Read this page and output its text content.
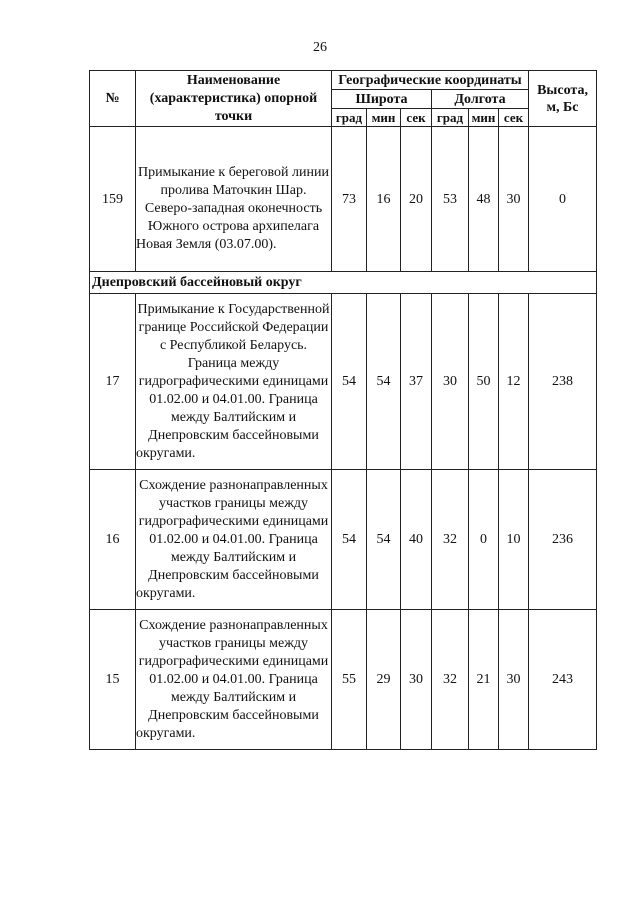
26
№	Наименование (характеристика) опорной точки	Географические координаты						Высота, м, Бс
		Широта			Долгота			
		град	мин	сек	град	мин	сек	
159	Примыкание к береговой линии пролива Маточкин Шар. Северо-западная оконечность Южного острова архипелага Новая Земля (03.07.00).	73	16	20	53	48	30	0
Днепровский бассейновый округ								
17	Примыкание к Государственной границе Российской Федерации с Республикой Беларусь. Граница между гидрографическими единицами 01.02.00 и 04.01.00. Граница между Балтийским и Днепровским бассейновыми округами.	54	54	37	30	50	12	238
16	Схождение разнонаправленных участков границы между гидрографическими единицами 01.02.00 и 04.01.00. Граница между Балтийским и Днепровским бассейновыми округами.	54	54	40	32	0	10	236
15	Схождение разнонаправленных участков границы между гидрографическими единицами 01.02.00 и 04.01.00. Граница между Балтийским и Днепровским бассейновыми округами.	55	29	30	32	21	30	243
